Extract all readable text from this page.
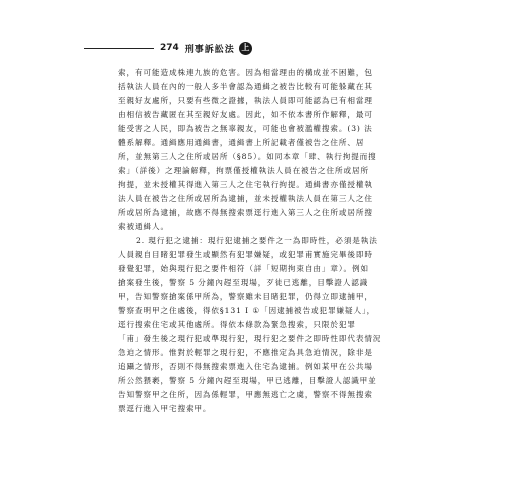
274 刑事訴訟法 上
索，有可能造成株連九族的危害。因為相當理由的構成並不困難，包
括執法人員在內的一般人多半會認為通緝之被告比較有可能躲藏在其
至親好友處所，只要有些微之證據，執法人員即可能認為已有相當理
由相信被告藏匿在其至親好友處。因此，如不依本書所作解釋，最可
能受害之人民，即為被告之無辜親友，可能也會被濫權搜索。(3) 法
體系解釋。通緝應用通緝書，通緝書上所記載者僅被告之住所、居
所，並無第三人之住所或居所（§85）。如同本章「肆、執行拘提而搜
索」（詳後）之理論解釋，拘票僅授權執法人員在被告之住所或居所
拘提，並未授權其得進入第三人之住宅執行拘提。通緝書亦僅授權執
法人員在被告之住所或居所為逮捕，並未授權執法人員在第三人之住
所或居所為逮捕，故應不得無搜索票逕行進入第三人之住所或居所搜
索被通緝人。
2. 現行犯之逮捕：現行犯逮捕之要件之一為即時性，必須是執法
人員親自目睹犯罪發生或顯然有犯罪嫌疑，或犯罪甫實施完畢後即時
發覺犯罪，始與現行犯之要件相符（詳「短期拘束自由」章）。例如
搶案發生後，警察 5 分鐘內趕至現場，歹徒已逃離，目擊證人認識
甲，告知警察搶案係甲所為，警察雖未目睹犯罪，仍得立即逮捕甲，
警察查明甲之住處後，得依§131 I ①「因逮捕被告或犯罪嫌疑人」，
逕行搜索住宅或其他處所。得依本條款為緊急搜索，只限於犯罪
「甫」發生後之現行犯或準現行犯，現行犯之要件之即時性即代表情況
急迫之情形。惟對於輕罪之現行犯，不應推定為具急迫情況，除非是
追躡之情形，否則不得無搜索票進入住宅為逮捕。例如某甲在公共場
所公然猥褻，警察 5 分鐘內趕至現場，甲已逃離，目擊證人認識甲並
告知警察甲之住所，因為係輕罪，甲應無逃亡之虞，警察不得無搜索
票逕行進入甲宅搜索甲。
